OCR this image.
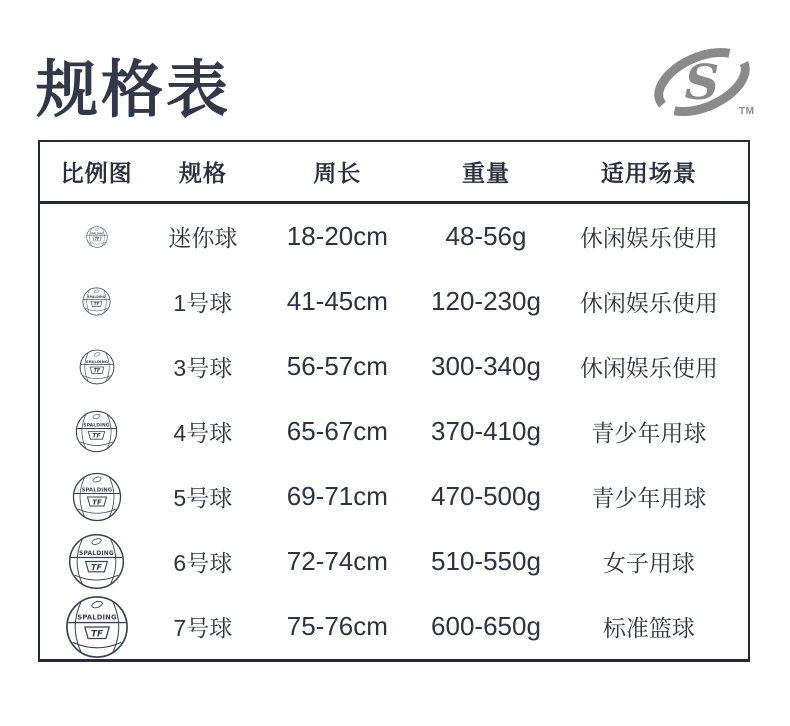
规格表	S
TM
比例图	规格	周长	重量	适用场景
迷你球	18-20cm	48-56g	休闲娱乐使用
1号球	41-45cm	120-230g	休闲娱乐使用
3号球	56-57cm	300-340g	休闲娱乐使用
4号球	65-67cm	370-410g	青少年用球
5号球	69-71cm	470-500g	青少年用球
6号球	72-74cm	510-550g	女子用球
7号球	75-76cm	600-650g	标准篮球
